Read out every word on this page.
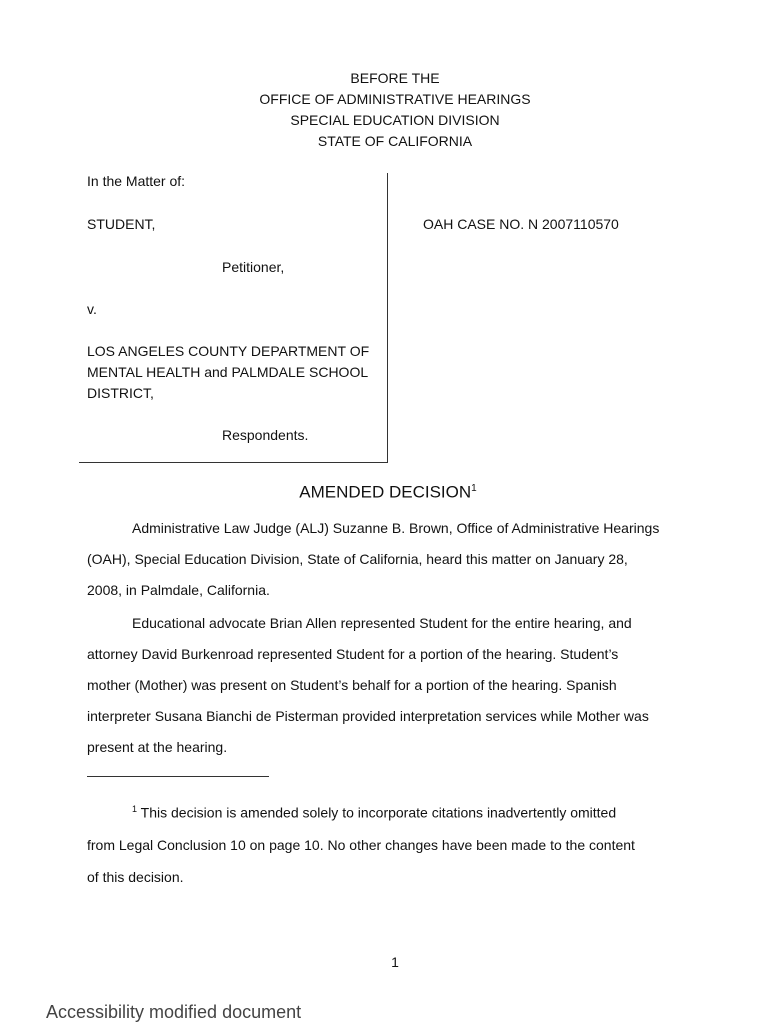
BEFORE THE
OFFICE OF ADMINISTRATIVE HEARINGS
SPECIAL EDUCATION DIVISION
STATE OF CALIFORNIA
In the Matter of:
STUDENT,
Petitioner,
v.
LOS ANGELES COUNTY DEPARTMENT OF
MENTAL HEALTH and PALMDALE SCHOOL
DISTRICT,
Respondents.
OAH CASE NO. N 2007110570
AMENDED DECISION$^1$
Administrative Law Judge (ALJ) Suzanne B. Brown, Office of Administrative Hearings
(OAH), Special Education Division, State of California, heard this matter on January 28,
2008, in Palmdale, California.
Educational advocate Brian Allen represented Student for the entire hearing, and
attorney David Burkenroad represented Student for a portion of the hearing. Student’s
mother (Mother) was present on Student’s behalf for a portion of the hearing. Spanish
interpreter Susana Bianchi de Pisterman provided interpretation services while Mother was
present at the hearing.
$^1$ This decision is amended solely to incorporate citations inadvertently omitted
from Legal Conclusion 10 on page 10. No other changes have been made to the content
of this decision.
1
Accessibility modified document
